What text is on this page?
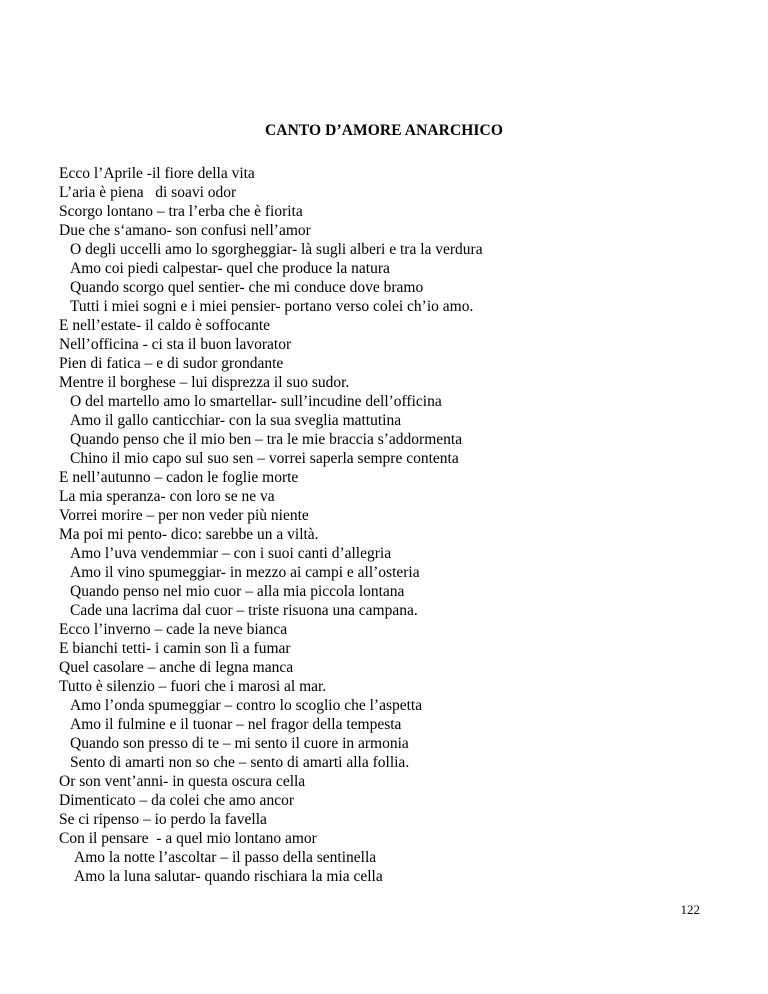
CANTO D’AMORE ANARCHICO
Ecco l’Aprile -il fiore della vita
L’aria è piena   di soavi odor
Scorgo lontano – tra l’erba che è fiorita
Due che s‘amano- son confusi nell’amor
O degli uccelli amo lo sgorgheggiar- là sugli alberi e tra la verdura
Amo coi piedi calpestar- quel che produce la natura
Quando scorgo quel sentier- che mi conduce dove bramo
Tutti i miei sogni e i miei pensier- portano verso colei ch’io amo.
E nell’estate- il caldo è soffocante
Nell’officina - ci sta il buon lavorator
Pien di fatica – e di sudor grondante
Mentre il borghese – lui disprezza il suo sudor.
O del martello amo lo smartellar- sull’incudine dell’officina
Amo il gallo canticchiar- con la sua sveglia mattutina
Quando penso che il mio ben – tra le mie braccia s’addormenta
Chino il mio capo sul suo sen – vorrei saperla sempre contenta
E nell’autunno – cadon le foglie morte
La mia speranza- con loro se ne va
Vorrei morire – per non veder più niente
Ma poi mi pento- dico: sarebbe un a viltà.
Amo l’uva vendemmiar – con i suoi canti d’allegria
Amo il vino spumeggiar- in mezzo ai campi e all’osteria
Quando penso nel mio cuor – alla mia piccola lontana
Cade una lacrima dal cuor – triste risuona una campana.
Ecco l’inverno – cade la neve bianca
E bianchi tetti- i camin son lì a fumar
Quel casolare – anche di legna manca
Tutto è silenzio – fuori che i marosi al mar.
Amo l’onda spumeggiar – contro lo scoglio che l’aspetta
Amo il fulmine e il tuonar – nel fragor della tempesta
Quando son presso di te – mi sento il cuore in armonia
Sento di amarti non so che – sento di amarti alla follia.
Or son vent’anni- in questa oscura cella
Dimenticato – da colei che amo ancor
Se ci ripenso – io perdo la favella
Con il pensare  - a quel mio lontano amor
Amo la notte l’ascoltar – il passo della sentinella
Amo la luna salutar- quando rischiara la mia cella
122
